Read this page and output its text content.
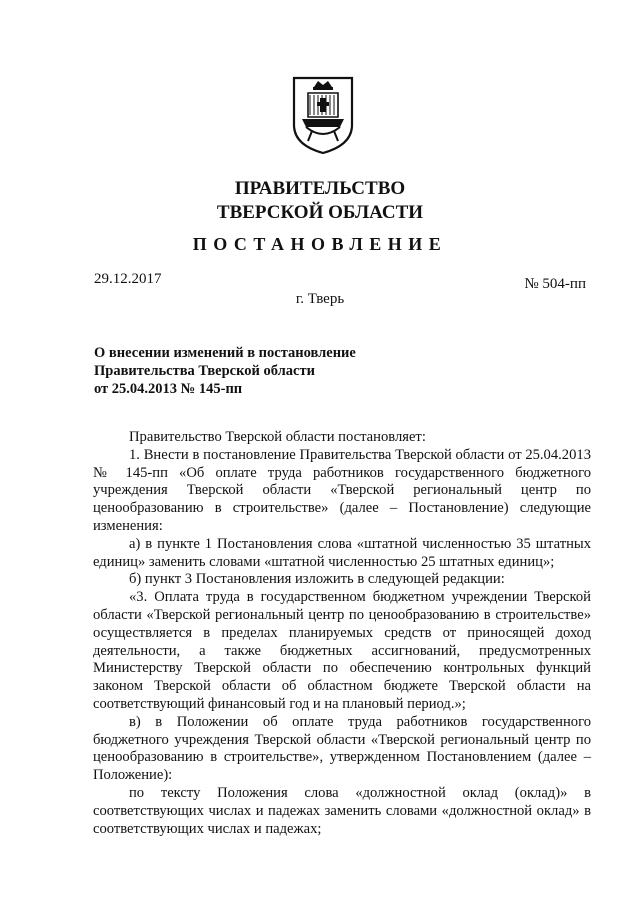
ПРАВИТЕЛЬСТВО
ТВЕРСКОЙ ОБЛАСТИ
ПОСТАНОВЛЕНИЕ
29.12.2017	№ 504-пп
г. Тверь
О внесении изменений в постановление
Правительства Тверской области
от 25.04.2013 № 145-пп

Правительство Тверской области постановляет:

1. Внести в постановление Правительства Тверской области от 25.04.2013 № 145-пп «Об оплате труда работников государственного бюджетного учреждения Тверской области «Тверской региональный центр по ценообразованию в строительстве» (далее – Постановление) следующие изменения:

а) в пункте 1 Постановления слова «штатной численностью 35 штатных единиц» заменить словами «штатной численностью 25 штатных единиц»;

б) пункт 3 Постановления изложить в следующей редакции:

«3. Оплата труда в государственном бюджетном учреждении Тверской области «Тверской региональный центр по ценообразованию в строительстве» осуществляется в пределах планируемых средств от приносящей доход деятельности, а также бюджетных ассигнований, предусмотренных Министерству Тверской области по обеспечению контрольных функций законом Тверской области об областном бюджете Тверской области на соответствующий финансовый год и на плановый период.»;

в) в Положении об оплате труда работников государственного бюджетного учреждения Тверской области «Тверской региональный центр по ценообразованию в строительстве», утвержденном Постановлением (далее – Положение):

по тексту Положения слова «должностной оклад (оклад)» в соответствующих числах и падежах заменить словами «должностной оклад» в соответствующих числах и падежах;
